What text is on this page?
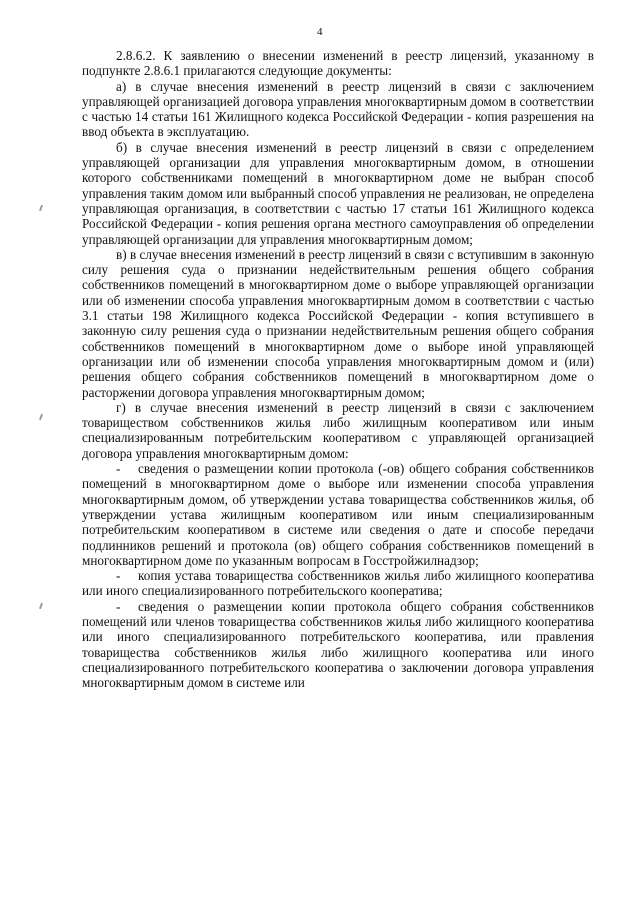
4

2.8.6.2. К заявлению о внесении изменений в реестр лицензий, указанному в подпункте 2.8.6.1 прилагаются следующие документы:

а) в случае внесения изменений в реестр лицензий в связи с заключением управляющей организацией договора управления многоквартирным домом в соответствии с частью 14 статьи 161 Жилищного кодекса Российской Федерации - копия разрешения на ввод объекта в эксплуатацию.

б) в случае внесения изменений в реестр лицензий в связи с определением управляющей организации для управления многоквартирным домом, в отношении которого собственниками помещений в многоквартирном доме не выбран способ управления таким домом или выбранный способ управления не реализован, не определена управляющая организация, в соответствии с частью 17 статьи 161 Жилищного кодекса Российской Федерации - копия решения органа местного самоуправления об определении управляющей организации для управления многоквартирным домом;

в) в случае внесения изменений в реестр лицензий в связи с вступившим в законную силу решения суда о признании недействительным решения общего собрания собственников помещений в многоквартирном доме о выборе управляющей организации или об изменении способа управления многоквартирным домом в соответствии с частью 3.1 статьи 198 Жилищного кодекса Российской Федерации - копия вступившего в законную силу решения суда о признании недействительным решения общего собрания собственников помещений в многоквартирном доме о выборе иной управляющей организации или об изменении способа управления многоквартирным домом и (или) решения общего собрания собственников помещений в многоквартирном доме о расторжении договора управления многоквартирным домом;

г) в случае внесения изменений в реестр лицензий в связи с заключением товариществом собственников жилья либо жилищным кооперативом или иным специализированным потребительским кооперативом с управляющей организацией договора управления многоквартирным домом:

- сведения о размещении копии протокола (-ов) общего собрания собственников помещений в многоквартирном доме о выборе или изменении способа управления многоквартирным домом, об утверждении устава товарищества собственников жилья, об утверждении устава жилищным кооперативом или иным специализированным потребительским кооперативом в системе или сведения о дате и способе передачи подлинников решений и протокола (ов) общего собрания собственников помещений в многоквартирном доме по указанным вопросам в Госстройжилнадзор;

- копия устава товарищества собственников жилья либо жилищного кооператива или иного специализированного потребительского кооператива;

- сведения о размещении копии протокола общего собрания собственников помещений или членов товарищества собственников жилья либо жилищного кооператива или иного специализированного потребительского кооператива, или правления товарищества собственников жилья либо жилищного кооператива или иного специализированного потребительского кооператива о заключении договора управления многоквартирным домом в системе или
